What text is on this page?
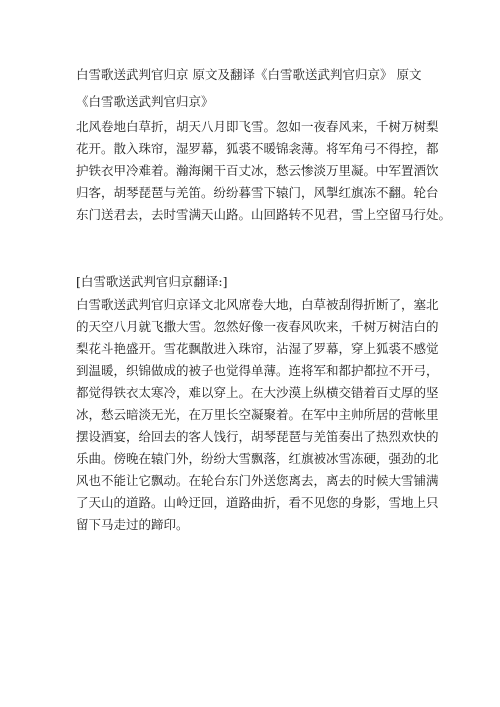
白雪歌送武判官归京 原文及翻译《白雪歌送武判官归京》 原文
《白雪歌送武判官归京》
北风卷地白草折，胡天八月即飞雪。忽如一夜春风来，千树万树梨
花开。散入珠帘，湿罗幕，狐裘不暖锦衾薄。将军角弓不得控，都
护铁衣甲冷难着。瀚海阑干百丈冰，愁云惨淡万里凝。中军置酒饮
归客，胡琴琵琶与羌笛。纷纷暮雪下辕门，风掣红旗冻不翻。轮台
东门送君去，去时雪满天山路。山回路转不见君，雪上空留马行处。
[白雪歌送武判官归京翻译:]
白雪歌送武判官归京译文北风席卷大地，白草被刮得折断了，塞北
的天空八月就飞撒大雪。忽然好像一夜春风吹来，千树万树洁白的
梨花斗艳盛开。雪花飘散进入珠帘，沾湿了罗幕，穿上狐裘不感觉
到温暖，织锦做成的被子也觉得单薄。连将军和都护都拉不开弓，
都觉得铁衣太寒冷，难以穿上。在大沙漠上纵横交错着百丈厚的坚
冰，愁云暗淡无光，在万里长空凝聚着。在军中主帅所居的营帐里
摆设酒宴，给回去的客人饯行，胡琴琵琶与羌笛奏出了热烈欢快的
乐曲。傍晚在辕门外，纷纷大雪飘落，红旗被冰雪冻硬，强劲的北
风也不能让它飘动。在轮台东门外送您离去，离去的时候大雪铺满
了天山的道路。山岭迂回，道路曲折，看不见您的身影，雪地上只
留下马走过的蹄印。
